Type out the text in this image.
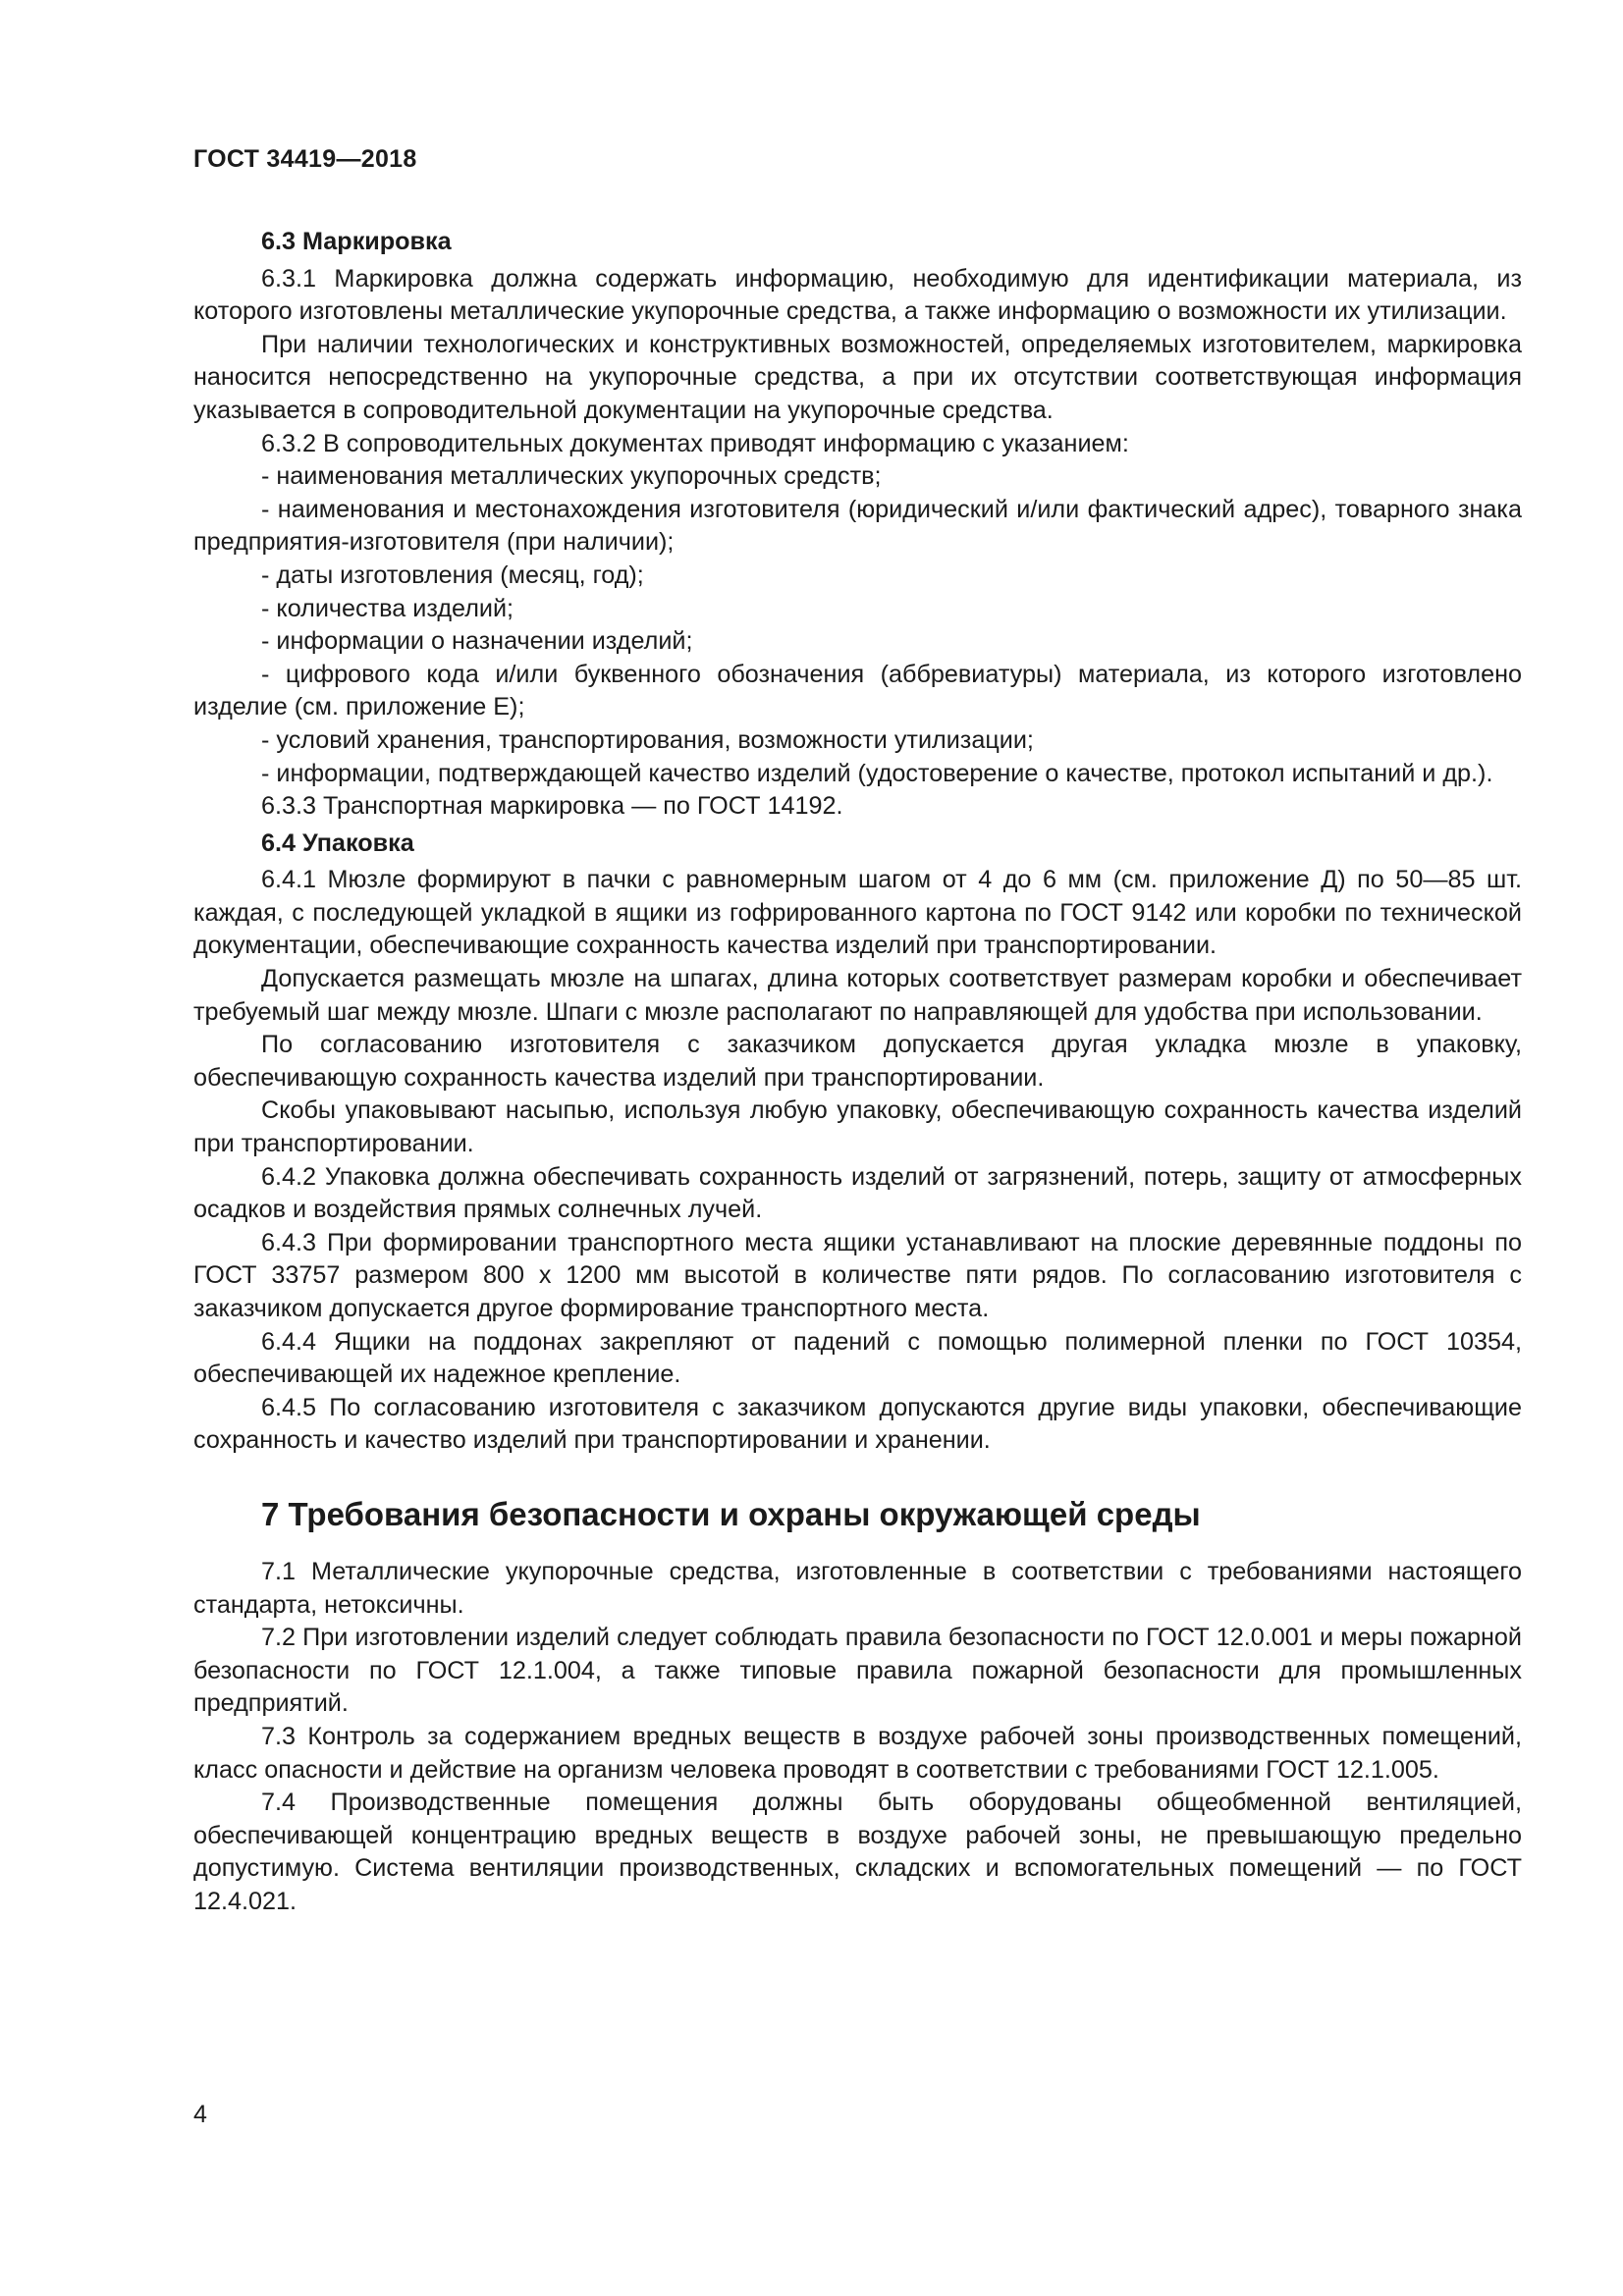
ГОСТ 34419—2018

6.3 Маркировка

6.3.1 Маркировка должна содержать информацию, необходимую для идентификации материала, из которого изготовлены металлические укупорочные средства, а также информацию о возможности их утилизации.

При наличии технологических и конструктивных возможностей, определяемых изготовителем, маркировка наносится непосредственно на укупорочные средства, а при их отсутствии соответствующая информация указывается в сопроводительной документации на укупорочные средства.

6.3.2 В сопроводительных документах приводят информацию с указанием:

- наименования металлических укупорочных средств;

- наименования и местонахождения изготовителя (юридический и/или фактический адрес), товарного знака предприятия-изготовителя (при наличии);

- даты изготовления (месяц, год);

- количества изделий;

- информации о назначении изделий;

- цифрового кода и/или буквенного обозначения (аббревиатуры) материала, из которого изготовлено изделие (см. приложение Е);

- условий хранения, транспортирования, возможности утилизации;

- информации, подтверждающей качество изделий (удостоверение о качестве, протокол испытаний и др.).

6.3.3 Транспортная маркировка — по ГОСТ 14192.

6.4 Упаковка

6.4.1 Мюзле формируют в пачки с равномерным шагом от 4 до 6 мм (см. приложение Д) по 50—85 шт. каждая, с последующей укладкой в ящики из гофрированного картона по ГОСТ 9142 или коробки по технической документации, обеспечивающие сохранность качества изделий при транспортировании.

Допускается размещать мюзле на шпагах, длина которых соответствует размерам коробки и обеспечивает требуемый шаг между мюзле. Шпаги с мюзле располагают по направляющей для удобства при использовании.

По согласованию изготовителя с заказчиком допускается другая укладка мюзле в упаковку, обеспечивающую сохранность качества изделий при транспортировании.

Скобы упаковывают насыпью, используя любую упаковку, обеспечивающую сохранность качества изделий при транспортировании.

6.4.2 Упаковка должна обеспечивать сохранность изделий от загрязнений, потерь, защиту от атмосферных осадков и воздействия прямых солнечных лучей.

6.4.3 При формировании транспортного места ящики устанавливают на плоские деревянные поддоны по ГОСТ 33757 размером 800 x 1200 мм высотой в количестве пяти рядов. По согласованию изготовителя с заказчиком допускается другое формирование транспортного места.

6.4.4 Ящики на поддонах закрепляют от падений с помощью полимерной пленки по ГОСТ 10354, обеспечивающей их надежное крепление.

6.4.5 По согласованию изготовителя с заказчиком допускаются другие виды упаковки, обеспечивающие сохранность и качество изделий при транспортировании и хранении.

7 Требования безопасности и охраны окружающей среды

7.1 Металлические укупорочные средства, изготовленные в соответствии с требованиями настоящего стандарта, нетоксичны.

7.2 При изготовлении изделий следует соблюдать правила безопасности по ГОСТ 12.0.001 и меры пожарной безопасности по ГОСТ 12.1.004, а также типовые правила пожарной безопасности для промышленных предприятий.

7.3 Контроль за содержанием вредных веществ в воздухе рабочей зоны производственных помещений, класс опасности и действие на организм человека проводят в соответствии с требованиями ГОСТ 12.1.005.

7.4 Производственные помещения должны быть оборудованы общеобменной вентиляцией, обеспечивающей концентрацию вредных веществ в воздухе рабочей зоны, не превышающую предельно допустимую. Система вентиляции производственных, складских и вспомогательных помещений — по ГОСТ 12.4.021.

4
